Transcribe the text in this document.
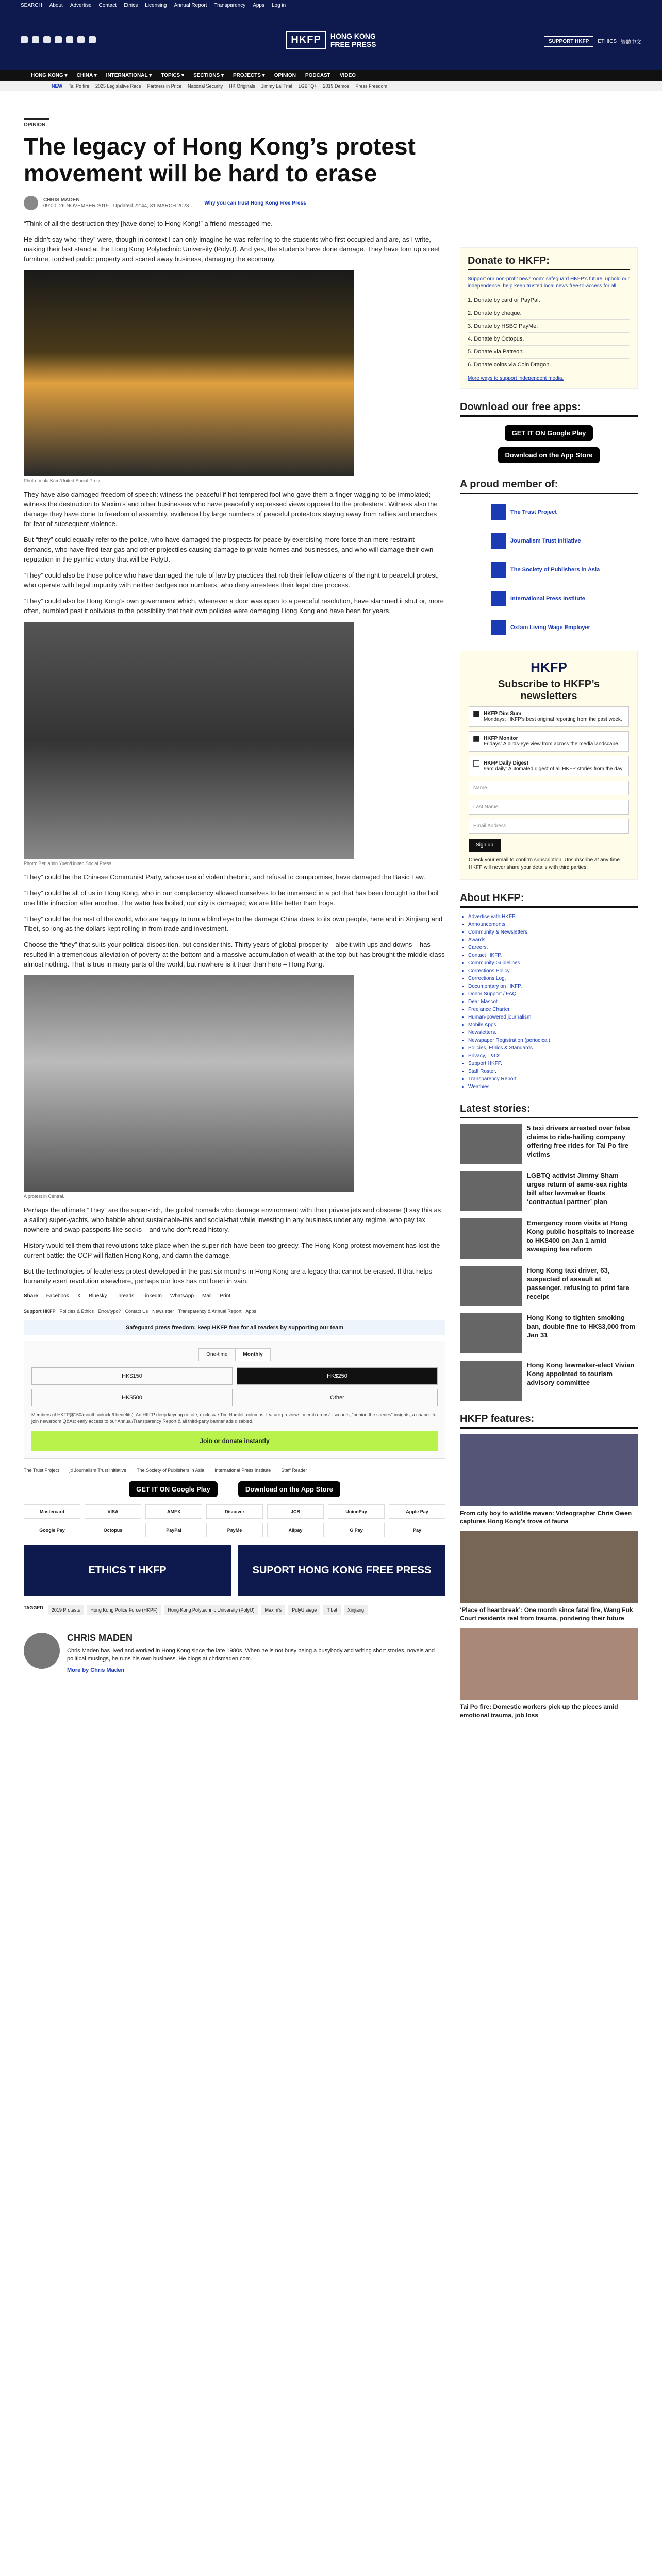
SEARCH About Advertise Contact Ethics Licensing Annual Report Transparency Apps Log in
HKFP	HONG KONG
FREE PRESS	SUPPORT HKFP	ETHICS 繁體中文
HONG KONG ▾ CHINA ▾ INTERNATIONAL ▾ TOPICS ▾ SECTIONS ▾ PROJECTS ▾ OPINION PODCAST VIDEO
NEW Tai Po fire 2025 Legislative Race Partners in Price National Security HK Originals Jimmy Lai Trial LGBTQ+ 2019 Demos Press Freedom
OPINION
The legacy of Hong Kong’s protest movement will be hard to erase
CHRIS MADEN
09:00, 26 NOVEMBER 2019 · Updated 22:44, 31 MARCH 2023	Why you can trust Hong Kong Free Press

“Think of all the destruction they [have done] to Hong Kong!” a friend messaged me.

He didn’t say who “they” were, though in context I can only imagine he was referring to the students who first occupied and are, as I write, making their last stand at the Hong Kong Polytechnic University (PolyU). And yes, the students have done damage. They have torn up street furniture, torched public property and scared away business, damaging the economy.

Photo: Viola Kam/United Social Press.

They have also damaged freedom of speech: witness the peaceful if hot-tempered fool who gave them a finger-wagging to be immolated; witness the destruction to Maxim’s and other businesses who have peacefully expressed views opposed to the protesters’. Witness also the damage they have done to freedom of assembly, evidenced by large numbers of peaceful protestors staying away from rallies and marches for fear of subsequent violence.

But “they” could equally refer to the police, who have damaged the prospects for peace by exercising more force than mere restraint demands, who have fired tear gas and other projectiles causing damage to private homes and businesses, and who will damage their own reputation in the pyrrhic victory that will be PolyU.

“They” could also be those police who have damaged the rule of law by practices that rob their fellow citizens of the right to peaceful protest, who operate with legal impunity with neither badges nor numbers, who deny arrestees their legal due process.

“They” could also be Hong Kong’s own government which, whenever a door was open to a peaceful resolution, have slammed it shut or, more often, bumbled past it oblivious to the possibility that their own policies were damaging Hong Kong and have been for years.

Photo: Benjamin Yuen/United Social Press.

“They” could be the Chinese Communist Party, whose use of violent rhetoric, and refusal to compromise, have damaged the Basic Law.

“They” could be all of us in Hong Kong, who in our complacency allowed ourselves to be immersed in a pot that has been brought to the boil one little infraction after another. The water has boiled, our city is damaged; we are little better than frogs.

“They” could be the rest of the world, who are happy to turn a blind eye to the damage China does to its own people, here and in Xinjiang and Tibet, so long as the dollars kept rolling in from trade and investment.

Choose the “they” that suits your political disposition, but consider this. Thirty years of global prosperity – albeit with ups and downs – has resulted in a tremendous alleviation of poverty at the bottom and a massive accumulation of wealth at the top but has brought the middle class almost nothing. That is true in many parts of the world, but nowhere is it truer than here – Hong Kong.

A protest in Central.

Perhaps the ultimate “They” are the super-rich, the global nomads who damage environment with their private jets and obscene (I say this as a sailor) super-yachts, who babble about sustainable-this and social-that while investing in any business under any regime, who pay tax nowhere and swap passports like socks – and who don’t read history.

History would tell them that revolutions take place when the super-rich have been too greedy. The Hong Kong protest movement has lost the current battle: the CCP will flatten Hong Kong, and damn the damage.

But the technologies of leaderless protest developed in the past six months in Hong Kong are a legacy that cannot be erased. If that helps humanity exert revolution elsewhere, perhaps our loss has not been in vain.

Share Facebook X Bluesky Threads LinkedIn WhatsApp Mail Print
Support HKFP Policies & Ethics Error/typo? Contact Us Newsletter Transparency & Annual Report Apps
Safeguard press freedom; keep HKFP free for all readers by supporting our team
One-time	Monthly
HK$150	HK$250
HK$500	Other
Members of HKFP($150/month unlock 6 benefits): An HKFP deep keyring or tote; exclusive Tim Hamlett columns; feature previews; merch drops/discounts; “behind the scenes” insights; a chance to join newsroom Q&As; early access to our Annual/Transparency Report & all third-party banner ads disabled.
Join or donate instantly
The Trust Project jti Journalism Trust Initiative The Society of Publishers in Asia International Press Institute Staff Reader
GET IT ON Google Play	Download on the App Store
Mastercard	VISA	AMEX	Discover	JCB	UnionPay	Apple Pay
Google Pay	Octopus	PayPal	PayMe	Alipay	G Pay	Pay
ETHICS T HKFP	SUPORT HONG KONG FREE PRESS
TAGGED:	2019 Protests	Hong Kong Police Force (HKPF)	Hong Kong Polytechnic University (PolyU)	Maxim's	PolyU siege	Tibet	Xinjiang
CHRIS MADEN
Chris Maden has lived and worked in Hong Kong since the late 1980s. When he is not busy being a busybody and writing short stories, novels and political musings, he runs his own business. He blogs at chrismaden.com.
More by Chris Maden
Donate to HKFP:

Support our non-profit newsroom: safeguard HKFP’s future, uphold our independence, help keep trusted local news free-to-access for all.

1. Donate by card or PayPal.
2. Donate by cheque.
3. Donate by HSBC PayMe.
4. Donate by Octopus.
5. Donate via Patreon.
6. Donate coins via Coin Dragon.

More ways to support independent media.

Download our free apps:
GET IT ON Google Play
Download on the App Store
A proud member of:
The Trust Project
Journalism Trust Initiative
The Society of Publishers in Asia
International Press Institute
Oxfam Living Wage Employer
HKFP
Subscribe to HKFP’s newsletters
HKFP Dim Sum
Mondays: HKFP's best original reporting from the past week.
HKFP Monitor
Fridays: A birds-eye view from across the media landscape.
HKFP Daily Digest
9am daily: Automated digest of all HKFP stories from the day.
Name
Last Name
Email Address
Sign up

Check your email to confirm subscription. Unsubscribe at any time. HKFP will never share your details with third parties.

About HKFP:
• Advertise with HKFP.
• Announcements.
• Community & Newsletters.
• Awards.
• Careers.
• Contact HKFP.
• Community Guidelines.
• Corrections Policy.
• Corrections Log.
• Documentary on HKFP.
• Donor Support / FAQ.
• Dear Mascot.
• Freelance Charter.
• Human-powered journalism.
• Mobile Apps.
• Newsletters.
• Newspaper Registration (periodical).
• Policies, Ethics & Standards.
• Privacy, T&Cs.
• Support HKFP.
• Staff Roster.
• Transparency Report.
• Weathies
Latest stories:
5 taxi drivers arrested over false claims to ride-hailing company offering free rides for Tai Po fire victims
LGBTQ activist Jimmy Sham urges return of same-sex rights bill after lawmaker floats ‘contractual partner’ plan
Emergency room visits at Hong Kong public hospitals to increase to HK$400 on Jan 1 amid sweeping fee reform
Hong Kong taxi driver, 63, suspected of assault at passenger, refusing to print fare receipt
Hong Kong to tighten smoking ban, double fine to HK$3,000 from Jan 31
Hong Kong lawmaker-elect Vivian Kong appointed to tourism advisory committee
HKFP features:
From city boy to wildlife maven: Videographer Chris Owen captures Hong Kong’s trove of fauna
‘Place of heartbreak’: One month since fatal fire, Wang Fuk Court residents reel from trauma, pondering their future
Tai Po fire: Domestic workers pick up the pieces amid emotional trauma, job loss
